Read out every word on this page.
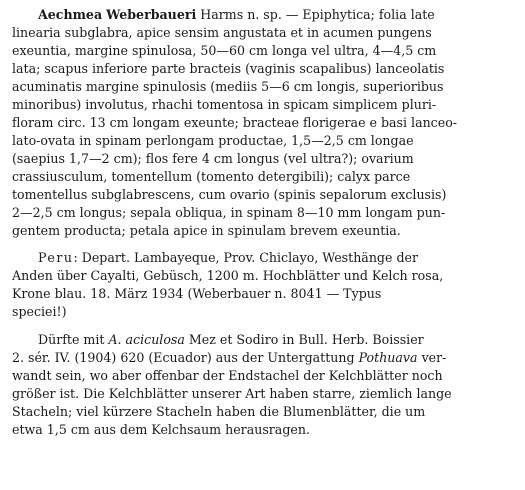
Aechmea Weberbaueri Harms n. sp. — Epiphytica; folia late
linearia subglabra, apice sensim angustata et in acumen pungens
exeuntia, margine spinulosa, 50—60 cm longa vel ultra, 4—4,5 cm
lata; scapus inferiore parte bracteis (vaginis scapalibus) lanceolatis
acuminatis margine spinulosis (mediis 5—6 cm longis, superioribus
minoribus) involutus, rhachi tomentosa in spicam simplicem pluri-
floram circ. 13 cm longam exeunte; bracteae florigerae e basi lanceo-
lato-ovata in spinam perlongam productae, 1,5—2,5 cm longae
(saepius 1,7—2 cm); flos fere 4 cm longus (vel ultra?); ovarium
crassiusculum, tomentellum (tomento detergibili); calyx parce
tomentellus subglabrescens, cum ovario (spinis sepalorum exclusis)
2—2,5 cm longus; sepala obliqua, in spinam 8—10 mm longam pun-
gentem producta; petala apice in spinulam brevem exeuntia.
Peru: Depart. Lambayeque, Prov. Chiclayo, Westhänge der
Anden über Cayalti, Gebüsch, 1200 m. Hochblätter und Kelch rosa,
Krone blau. 18. März 1934 (Weberbauer n. 8041 — Typus
speciei!)
Dürfte mit A. aciculosa Mez et Sodiro in Bull. Herb. Boissier
2. sér. IV. (1904) 620 (Ecuador) aus der Untergattung Pothuava ver-
wandt sein, wo aber offenbar der Endstachel der Kelchblätter noch
größer ist. Die Kelchblätter unserer Art haben starre, ziemlich lange
Stacheln; viel kürzere Stacheln haben die Blumenblätter, die um
etwa 1,5 cm aus dem Kelchsaum herausragen.
